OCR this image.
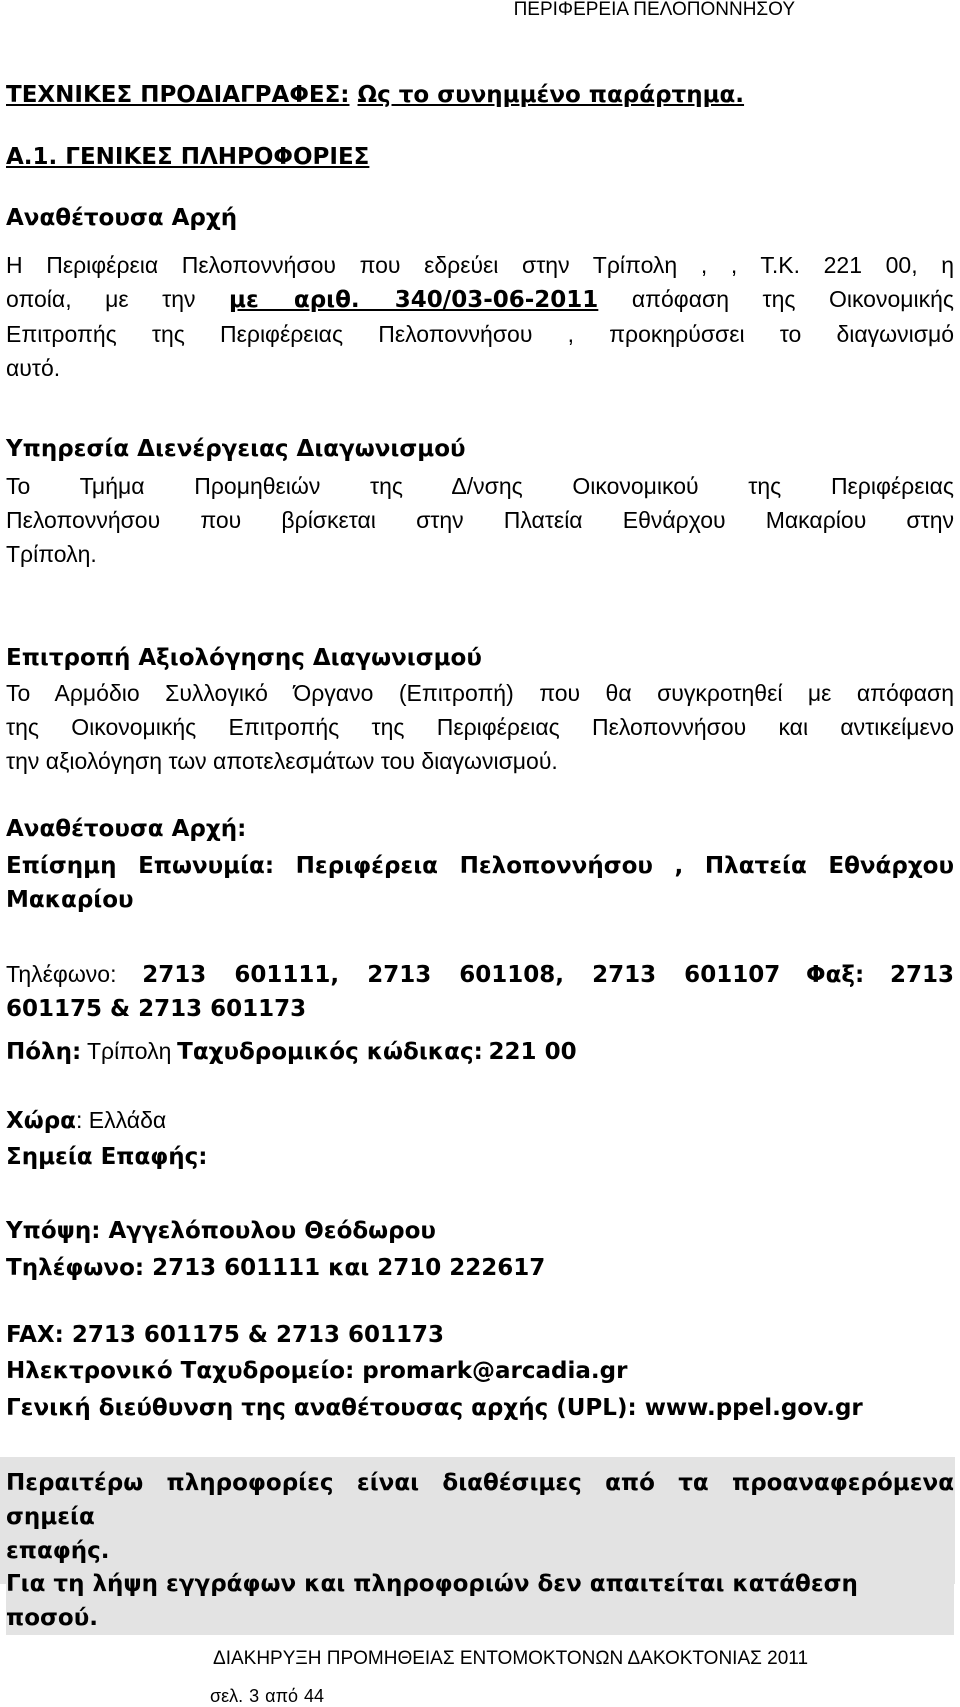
ΠΕΡΙΦΕΡΕΙΑ ΠΕΛΟΠΟΝΝΗΣΟΥ
ΤΕΧΝΙΚΕΣ ΠΡΟΔΙΑΓΡΑΦΕΣ: Ως το συνημμένο παράρτημα.
Α.1. ΓΕΝΙΚΕΣ ΠΛΗΡΟΦΟΡΙΕΣ
Αναθέτουσα Αρχή
Η Περιφέρεια Πελοποννήσου που εδρεύει στην Τρίπολη , , Τ.Κ. 221 00, η
οποία, με την με αριθ. 340/03-06-2011 απόφαση της Οικονομικής
Επιτροπής της Περιφέρειας Πελοποννήσου , προκηρύσσει το διαγωνισμό
αυτό.
Υπηρεσία Διενέργειας Διαγωνισμού
Το Τμήμα Προμηθειών της Δ/νσης Οικονομικού της Περιφέρειας
Πελοποννήσου που βρίσκεται στην Πλατεία Εθνάρχου Μακαρίου στην
Τρίπολη.
Επιτροπή Αξιολόγησης Διαγωνισμού
Το Αρμόδιο Συλλογικό Όργανο (Επιτροπή) που θα συγκροτηθεί με απόφαση
της Οικονομικής Επιτροπής της Περιφέρειας Πελοποννήσου και αντικείμενο
την αξιολόγηση των αποτελεσμάτων του διαγωνισμού.
Αναθέτουσα Αρχή:
Επίσημη Επωνυμία: Περιφέρεια Πελοποννήσου , Πλατεία Εθνάρχου
Μακαρίου
Τηλέφωνο: 2713 601111, 2713 601108, 2713 601107 Φαξ: 2713
601175 & 2713 601173
Πόλη: Τρίπολη Ταχυδρομικός κώδικας: 221 00
Χώρα: Ελλάδα
Σημεία Επαφής:
Υπόψη: Αγγελόπουλου Θεόδωρου
Τηλέφωνο: 2713 601111 και 2710 222617
FAX: 2713 601175 & 2713 601173
Ηλεκτρονικό Ταχυδρομείο: promark@arcadia.gr
Γενική διεύθυνση της αναθέτουσας αρχής (UPL): www.ppel.gov.gr
Περαιτέρω πληροφορίες είναι διαθέσιμες από τα προαναφερόμενα σημεία
επαφής.
Για τη λήψη εγγράφων και πληροφοριών δεν απαιτείται κατάθεση ποσού.
ΔΙΑΚΗΡΥΞΗ ΠΡΟΜΗΘΕΙΑΣ ΕΝΤΟΜΟΚΤΟΝΩΝ ΔΑΚΟΚΤΟΝΙΑΣ 2011
σελ. 3 από 44
